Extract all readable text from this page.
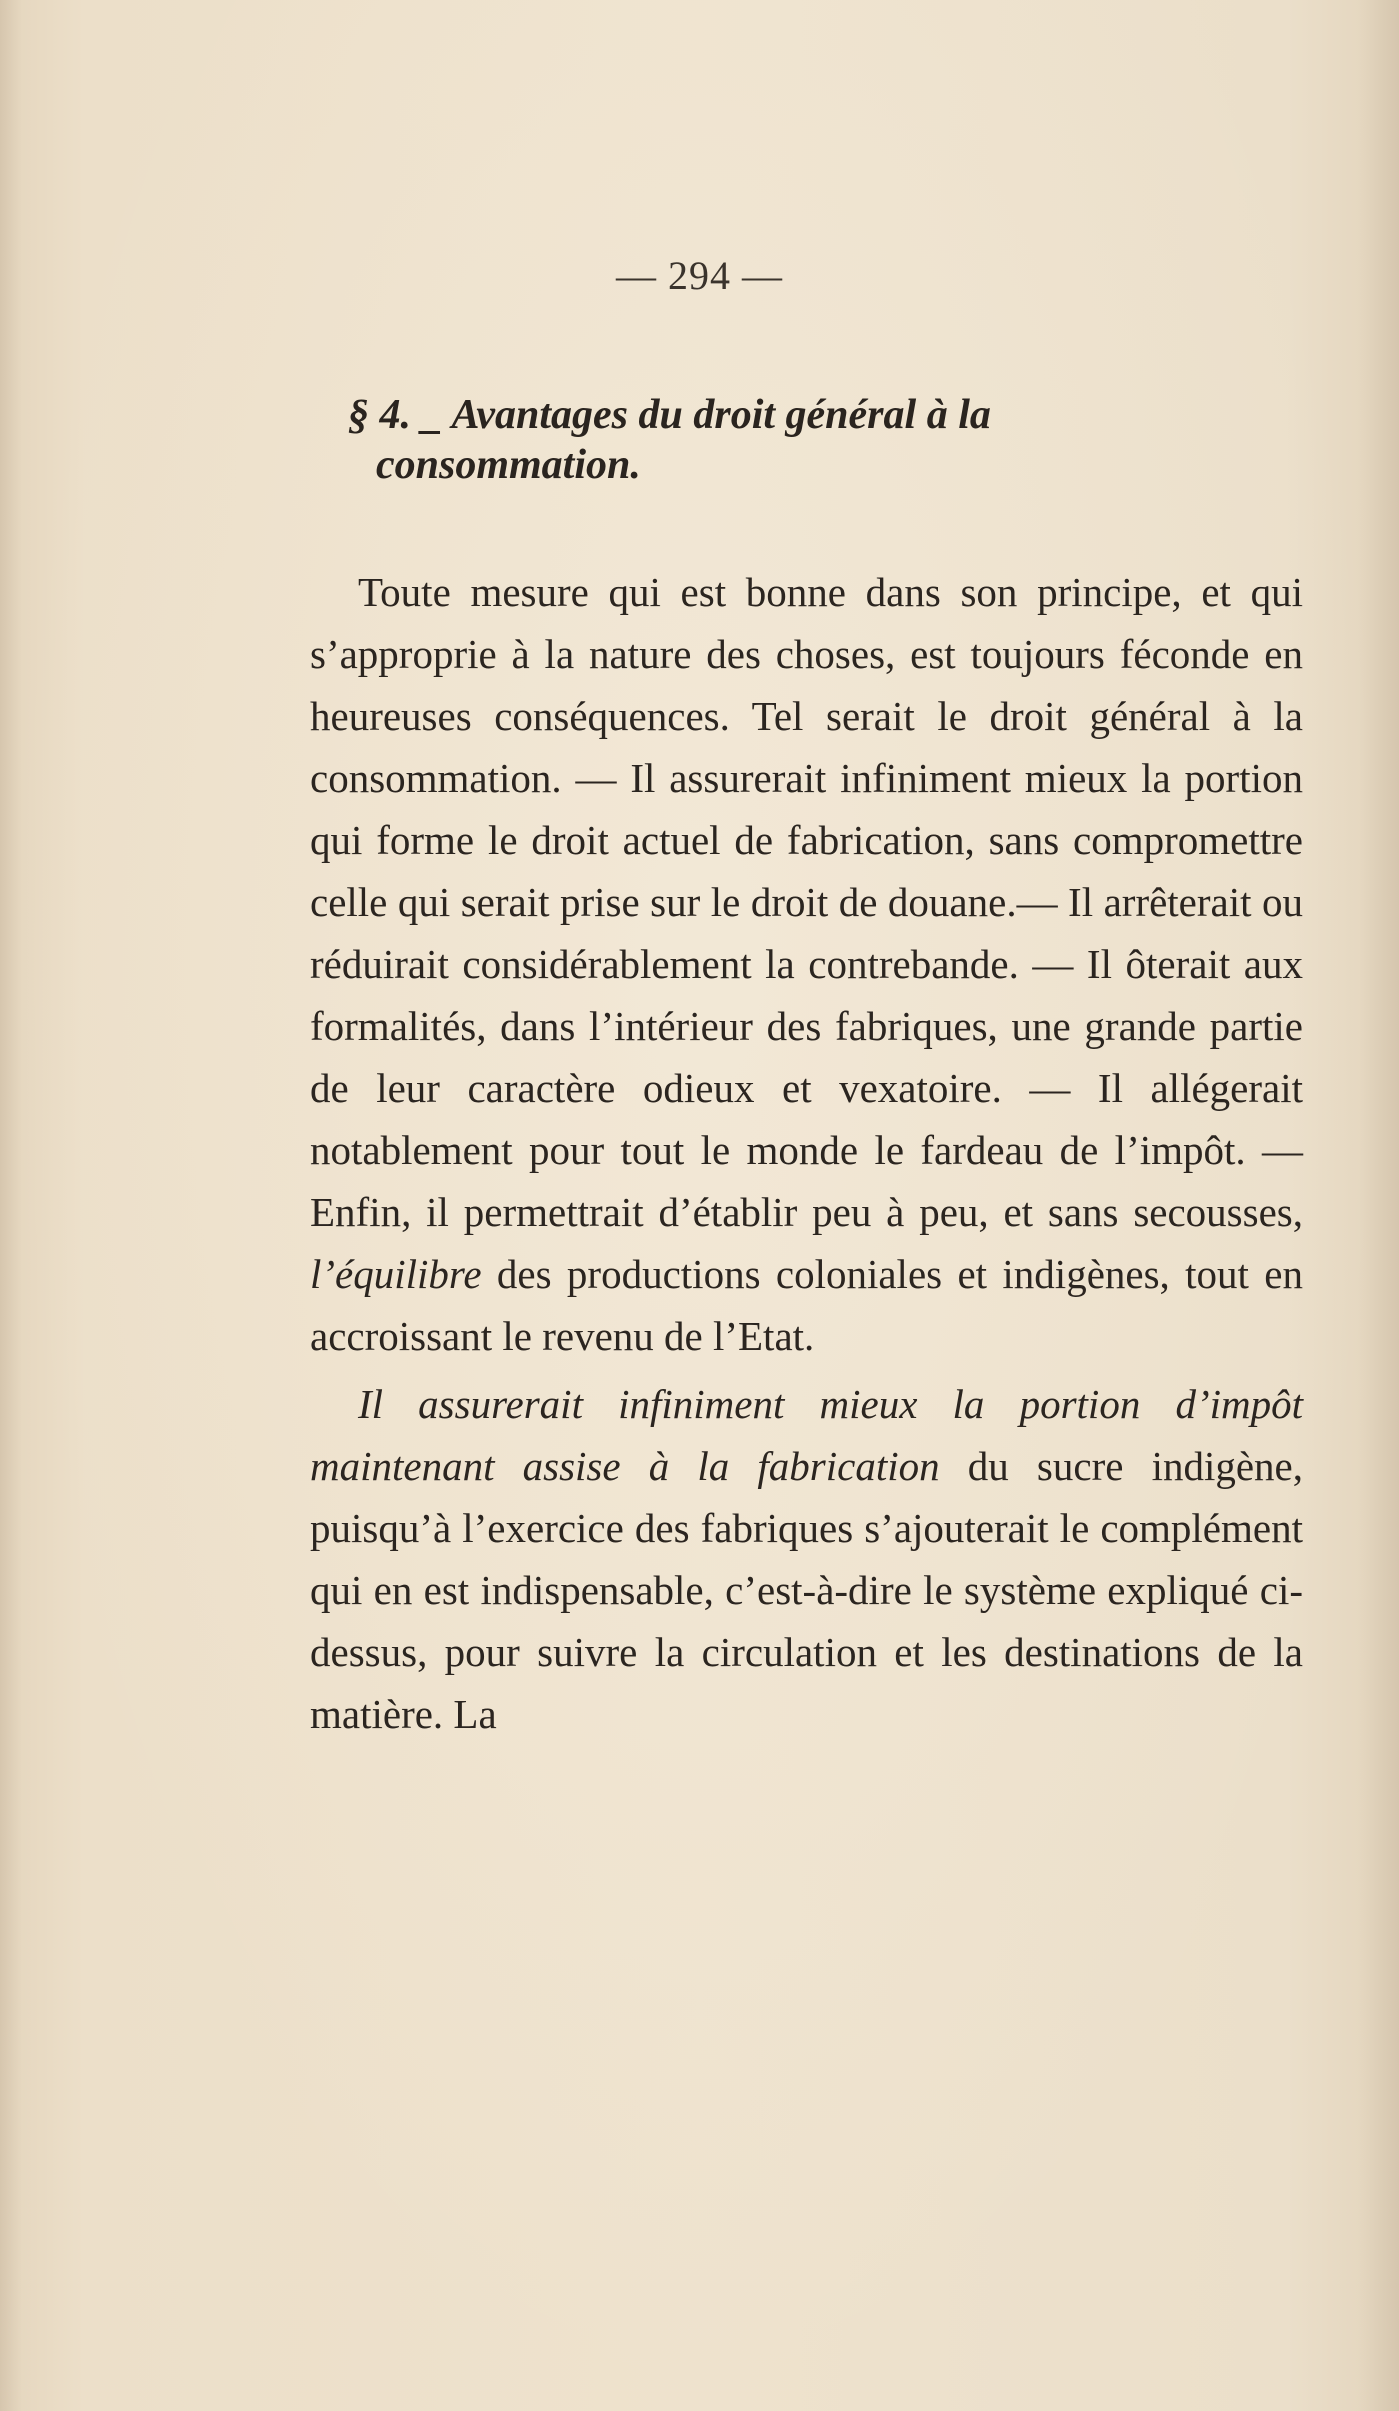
— 294 —
§ 4. _ Avantages du droit général à la
consommation.

Toute mesure qui est bonne dans son principe, et qui s’approprie à la nature des choses, est toujours féconde en heureuses conséquences. Tel serait le droit général à la consommation. — Il assurerait infiniment mieux la portion qui forme le droit actuel de fabrication, sans compromettre celle qui serait prise sur le droit de douane.— Il arrêterait ou réduirait considérablement la contrebande. — Il ôterait aux formalités, dans l’intérieur des fabriques, une grande partie de leur caractère odieux et vexatoire. — Il allégerait notablement pour tout le monde le fardeau de l’impôt. — Enfin, il permettrait d’établir peu à peu, et sans secousses, l’équilibre des productions coloniales et indigènes, tout en accroissant le revenu de l’Etat.

Il assurerait infiniment mieux la portion d’impôt maintenant assise à la fabrication du sucre indigène, puisqu’à l’exercice des fabriques s’ajouterait le complément qui en est indispensable, c’est-à-dire le système expliqué ci-dessus, pour suivre la circulation et les destinations de la matière. La
